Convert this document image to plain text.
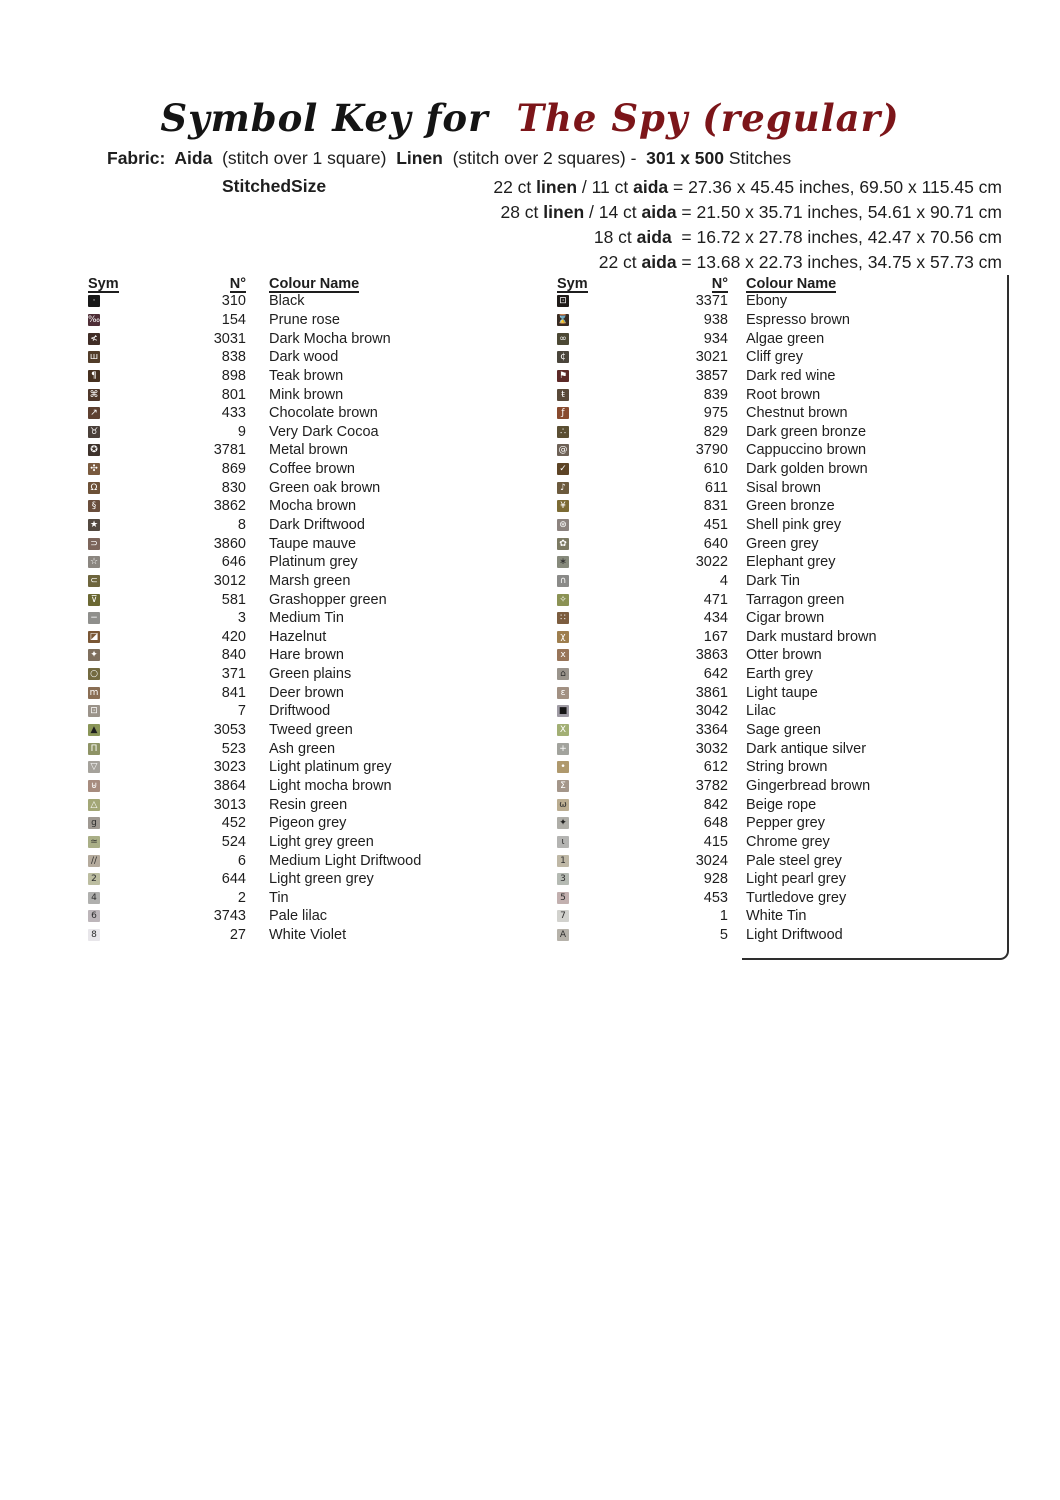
Symbol Key for The Spy (regular)
Fabric:  Aida  (stitch over 1 square)  Linen  (stitch over 2 squares) -  301 x 500 Stitches
StitchedSize	22 ct linen / 11 ct aida = 27.36 x 45.45 inches, 69.50 x 115.45 cm
28 ct linen / 14 ct aida = 21.50 x 35.71 inches, 54.61 x 90.71 cm
18 ct aida  = 16.72 x 27.78 inches, 42.47 x 70.56 cm
22 ct aida = 13.68 x 22.73 inches, 34.75 x 57.73 cm
Sym	N°	Colour Name
·	310	Black
‰	154	Prune rose
≮	3031	Dark Mocha brown
ш	838	Dark wood
¶	898	Teak brown
⌘	801	Mink brown
↗	433	Chocolate brown
♉	9	Very Dark Cocoa
✪	3781	Metal brown
✣	869	Coffee brown
Ω	830	Green oak brown
§	3862	Mocha brown
★	8	Dark Driftwood
⊃	3860	Taupe mauve
☆	646	Platinum grey
⊂	3012	Marsh green
⊽	581	Grashopper green
−	3	Medium Tin
◪	420	Hazelnut
✦	840	Hare brown
○	371	Green plains
m	841	Deer brown
⊡	7	Driftwood
▲	3053	Tweed green
Π	523	Ash green
▽	3023	Light platinum grey
⊎	3864	Light mocha brown
△	3013	Resin green
g	452	Pigeon grey
≃	524	Light grey green
∕∕	6	Medium Light Driftwood
2	644	Light green grey
4	2	Tin
6	3743	Pale lilac
8	27	White Violet
Sym	N°	Colour Name
⊡	3371	Ebony
⌛	938	Espresso brown
∞	934	Algae green
¢	3021	Cliff grey
⚑	3857	Dark red wine
ŧ	839	Root brown
ƒ	975	Chestnut brown
∴	829	Dark green bronze
@	3790	Cappuccino brown
✓	610	Dark golden brown
♪	611	Sisal brown
¥	831	Green bronze
⊛	451	Shell pink grey
✿	640	Green grey
∗	3022	Elephant grey
∩	4	Dark Tin
✧	471	Tarragon green
∷	434	Cigar brown
χ	167	Dark mustard brown
x	3863	Otter brown
⌂	642	Earth grey
ε	3861	Light taupe
■	3042	Lilac
X	3364	Sage green
+	3032	Dark antique silver
•	612	String brown
Σ	3782	Gingerbread brown
ω	842	Beige rope
✦	648	Pepper grey
ι	415	Chrome grey
1	3024	Pale steel grey
3	928	Light pearl grey
5	453	Turtledove grey
7	1	White Tin
A	5	Light Driftwood
